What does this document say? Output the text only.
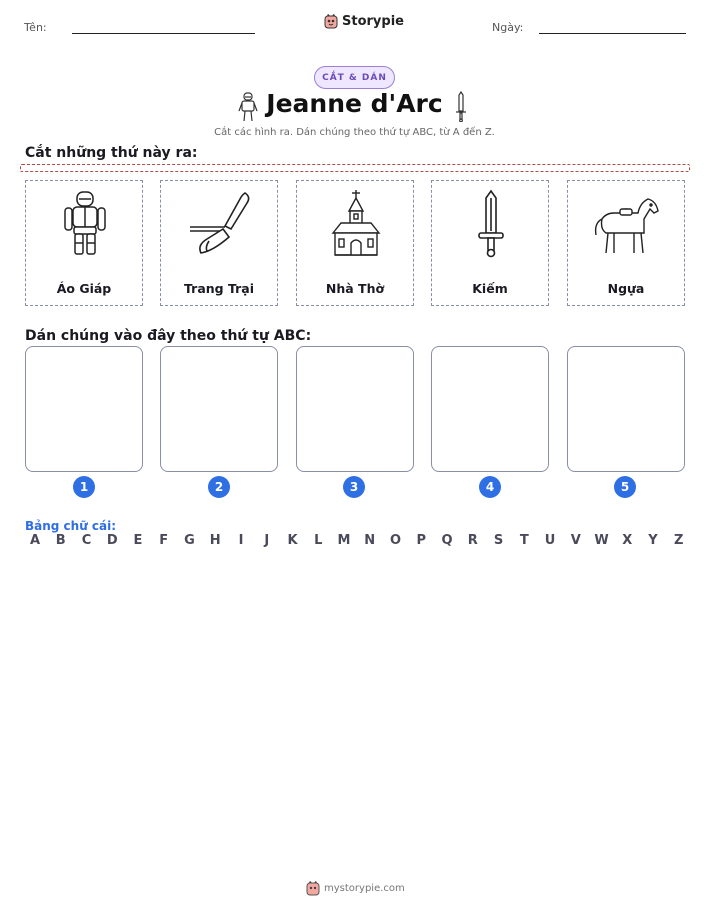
Tên:	Storypie	Ngày:
CẮT & DÁN
Jeanne d'Arc
Cắt các hình ra. Dán chúng theo thứ tự ABC, từ A đến Z.
Cắt những thứ này ra:
Áo Giáp	Trang Trại	Nhà Thờ	Kiếm	Ngựa
Dán chúng vào đây theo thứ tự ABC:
1	2	3	4	5
Bảng chữ cái:
A B C D E F G H	I	J	K L M N O P Q R S T U V W X Y Z
mystorypie.com
